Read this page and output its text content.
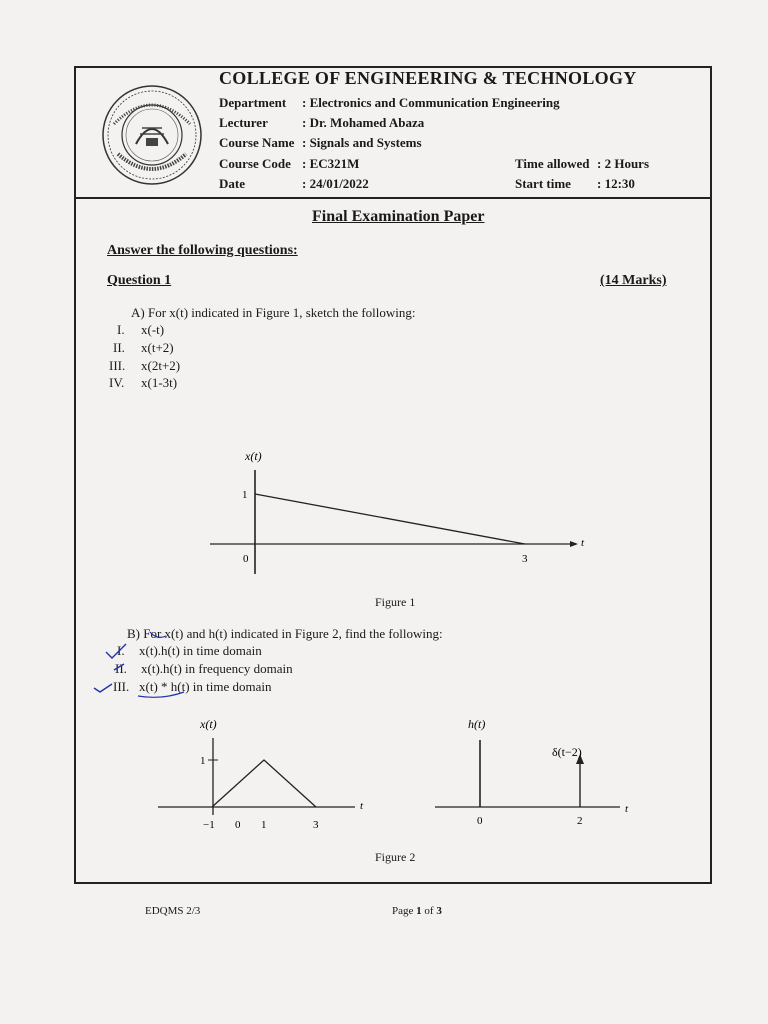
COLLEGE OF ENGINEERING & TECHNOLOGY
Department : Electronics and Communication Engineering
Lecturer	: Dr. Mohamed Abaza
Course Name : Signals and Systems
Course Code : EC321M
Date	: 24/01/2022
Time allowed : 2 Hours
Start time : 12:30
Final Examination Paper
Answer the following questions:
Question 1	(14 Marks)
A) For x(t) indicated in Figure 1, sketch the following:
I. x(-t)
II. x(t+2)
III. x(2t+2)
IV. x(1-3t)
x(t)
t
1
0	3
Figure 1
B) For x(t) and h(t) indicated in Figure 2, find the following:
I. x(t).h(t) in time domain
II. x(t).h(t) in frequency domain
III. x(t) * h(t) in time domain
x(t)
t
1
−1 0 1	3
h(t)
t
δ(t−2)
0	2
Figure 2
EDQMS 2/3	Page 1 of 3
